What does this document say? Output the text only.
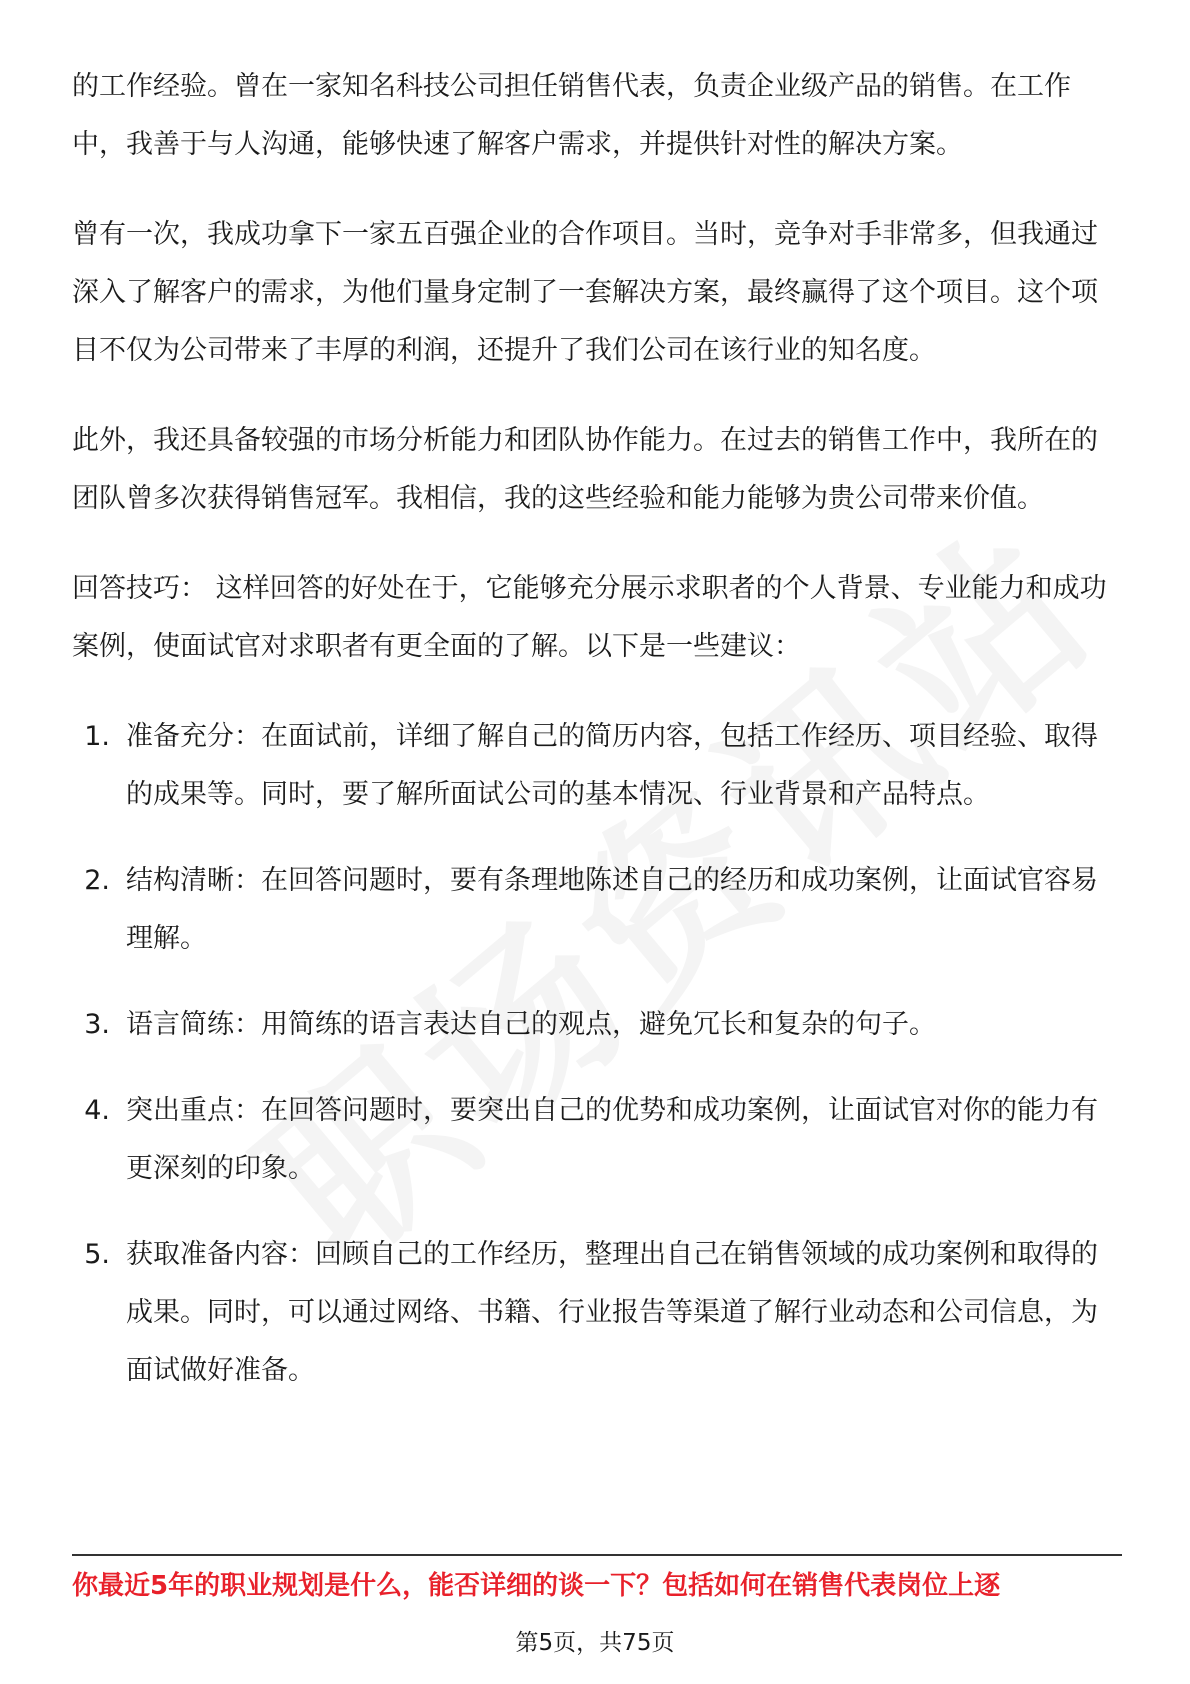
的工作经验。曾在一家知名科技公司担任销售代表，负责企业级产品的销售。在工作中，我善于与人沟通，能够快速了解客户需求，并提供针对性的解决方案。

曾有一次，我成功拿下一家五百强企业的合作项目。当时，竞争对手非常多，但我通过深入了解客户的需求，为他们量身定制了一套解决方案，最终赢得了这个项目。这个项目不仅为公司带来了丰厚的利润，还提升了我们公司在该行业的知名度。

此外，我还具备较强的市场分析能力和团队协作能力。在过去的销售工作中，我所在的团队曾多次获得销售冠军。我相信，我的这些经验和能力能够为贵公司带来价值。

回答技巧： 这样回答的好处在于，它能够充分展示求职者的个人背景、专业能力和成功案例，使面试官对求职者有更全面的了解。以下是一些建议：

1. 准备充分：在面试前，详细了解自己的简历内容，包括工作经历、项目经验、取得的成果等。同时，要了解所面试公司的基本情况、行业背景和产品特点。
2. 结构清晰：在回答问题时，要有条理地陈述自己的经历和成功案例，让面试官容易理解。
3. 语言简练：用简练的语言表达自己的观点，避免冗长和复杂的句子。
4. 突出重点：在回答问题时，要突出自己的优势和成功案例，让面试官对你的能力有更深刻的印象。
5. 获取准备内容：回顾自己的工作经历，整理出自己在销售领域的成功案例和取得的成果。同时，可以通过网络、书籍、行业报告等渠道了解行业动态和公司信息，为面试做好准备。
你最近5年的职业规划是什么，能否详细的谈一下？包括如何在销售代表岗位上逐
第5页，共75页
